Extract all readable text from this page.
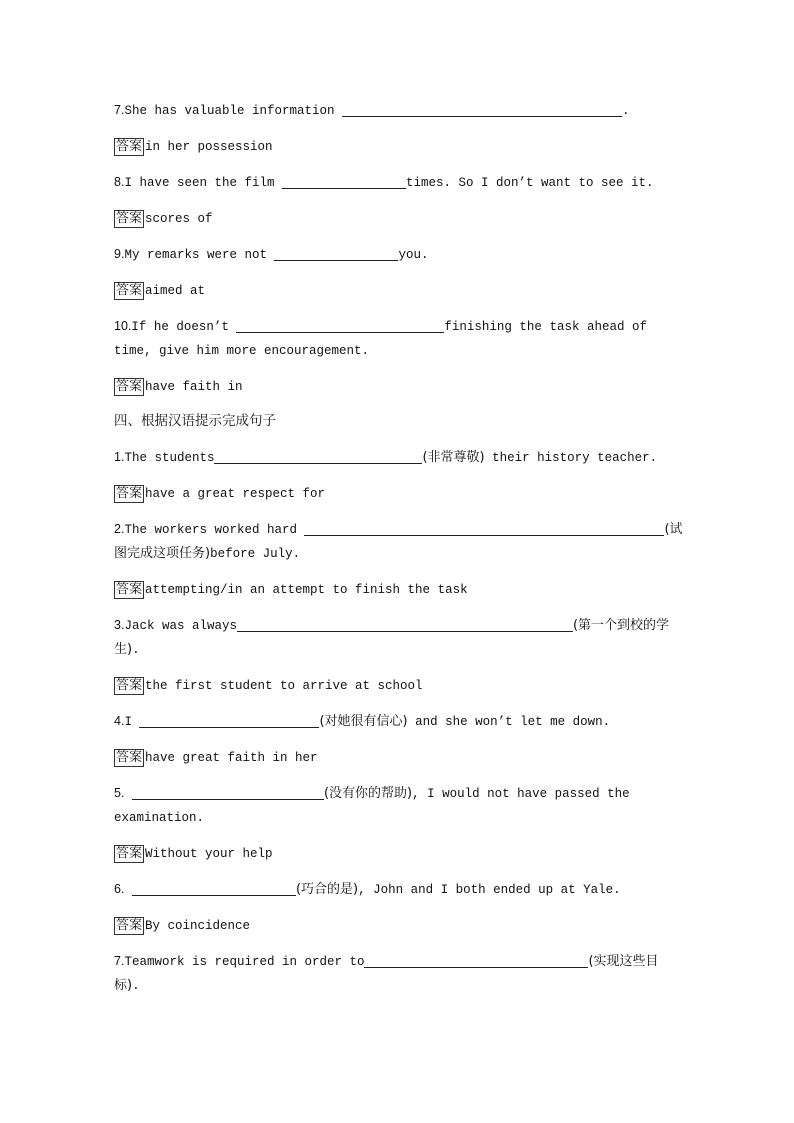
7.She has valuable information	.

答案 in her possession

8.I have seen the film	times. So I don’t want to see it.

答案 scores of

9.My remarks were not	you.

答案 aimed at

10.If he doesn’t	finishing the task ahead of time, give him more encouragement.

答案 have faith in

四、根据汉语提示完成句子

1.The students	(非常尊敬) their history teacher.

答案 have a great respect for

2.The workers worked hard	(试图完成这项任务)before July.

答案 attempting/in an attempt to finish the task

3.Jack was always	(第一个到校的学生).

答案 the first student to arrive at school

4.I	(对她很有信心) and she won’t let me down.

答案 have great faith in her

5.	(没有你的帮助), I would not have passed the examination.

答案 Without your help

6.	(巧合的是), John and I both ended up at Yale.

答案 By coincidence

7.Teamwork is required in order to	(实现这些目标).
